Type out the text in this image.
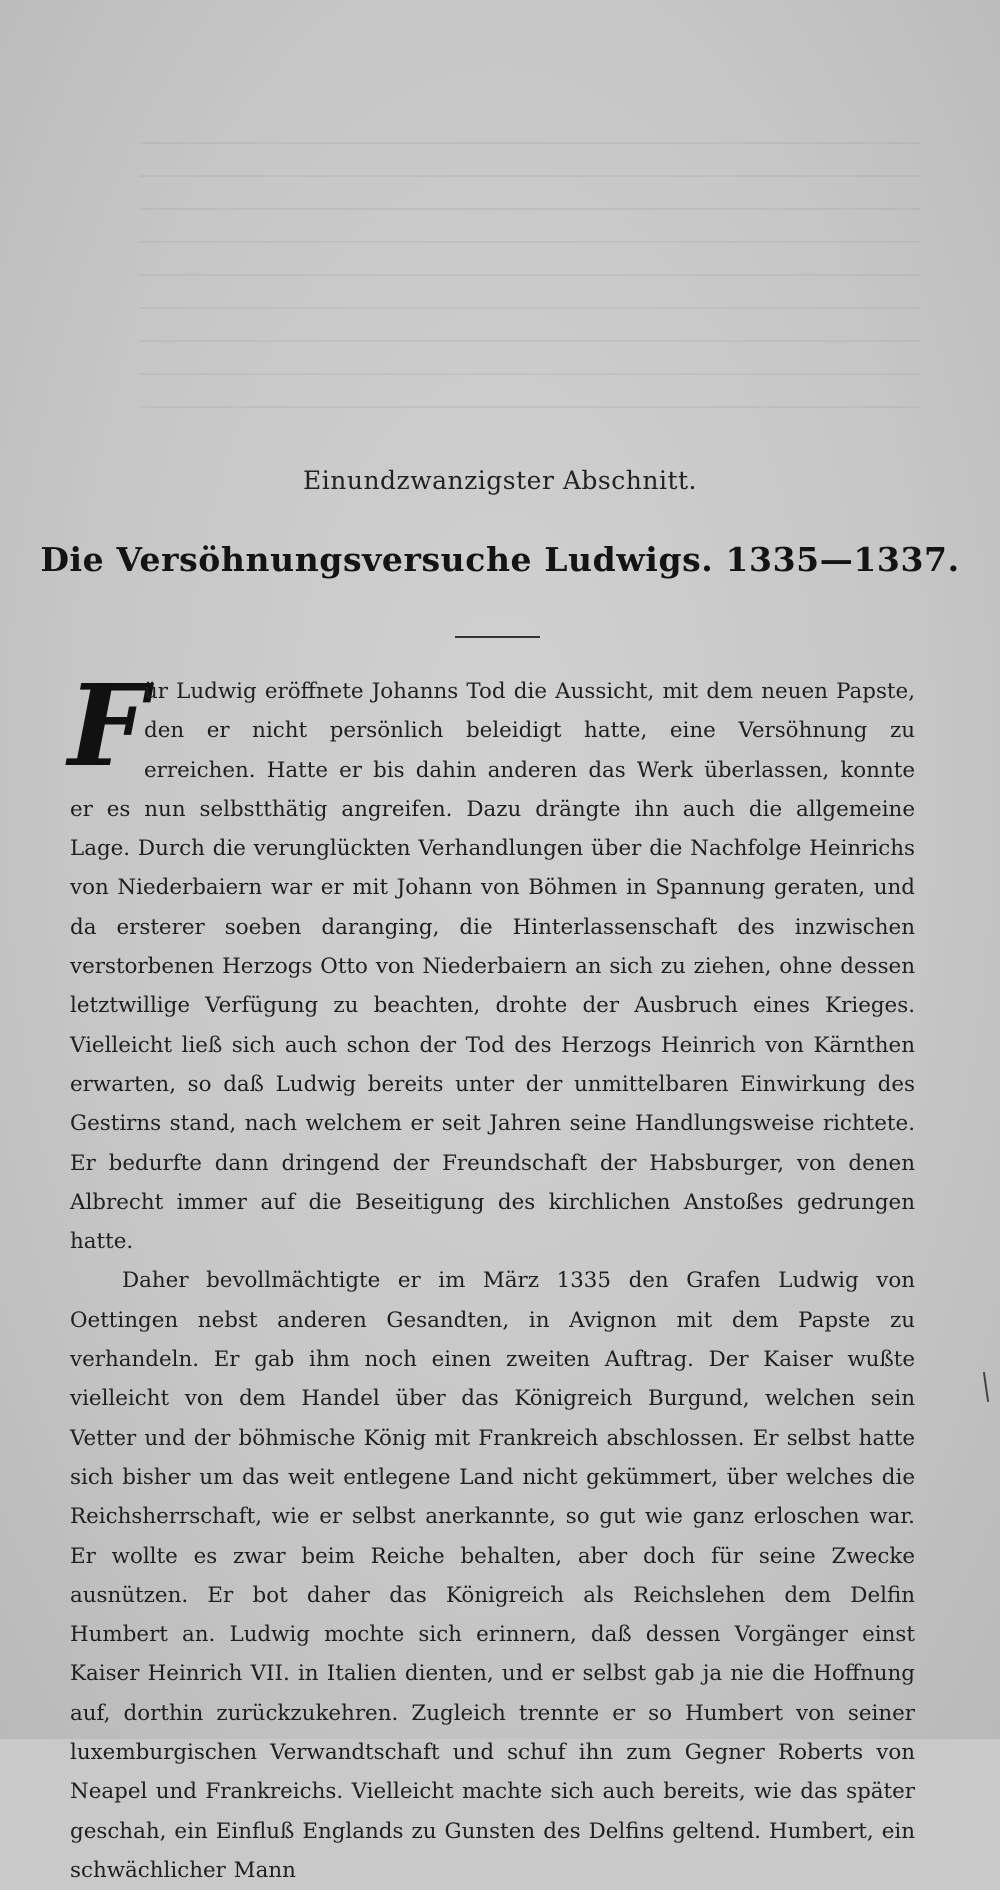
Einundzwanzigster Abschnitt.
Die Versöhnungsversuche Ludwigs. 1335—1337.

F
ür Ludwig eröffnete Johanns Tod die Aussicht, mit dem neuen Papste, den er nicht persönlich beleidigt hatte, eine Versöhnung zu erreichen. Hatte er bis dahin anderen das Werk überlassen, konnte er es nun selbstthätig angreifen. Dazu drängte ihn auch die allgemeine Lage. Durch die verunglückten Verhandlungen über die Nachfolge Heinrichs von Niederbaiern war er mit Johann von Böhmen in Spannung geraten, und da ersterer soeben daranging, die Hinterlassenschaft des inzwischen verstorbenen Herzogs Otto von Niederbaiern an sich zu ziehen, ohne dessen letztwillige Verfügung zu beachten, drohte der Ausbruch eines Krieges. Vielleicht ließ sich auch schon der Tod des Herzogs Heinrich von Kärnthen erwarten, so daß Ludwig bereits unter der unmittelbaren Einwirkung des Gestirns stand, nach welchem er seit Jahren seine Handlungsweise richtete. Er bedurfte dann dringend der Freundschaft der Habsburger, von denen Albrecht immer auf die Beseitigung des kirchlichen Anstoßes gedrungen hatte.

Daher bevollmächtigte er im März 1335 den Grafen Ludwig von Oettingen nebst anderen Gesandten, in Avignon mit dem Papste zu verhandeln. Er gab ihm noch einen zweiten Auftrag. Der Kaiser wußte vielleicht von dem Handel über das Königreich Burgund, welchen sein Vetter und der böhmische König mit Frankreich abschlossen. Er selbst hatte sich bisher um das weit entlegene Land nicht gekümmert, über welches die Reichsherrschaft, wie er selbst anerkannte, so gut wie ganz erloschen war. Er wollte es zwar beim Reiche behalten, aber doch für seine Zwecke ausnützen. Er bot daher das Königreich als Reichslehen dem Delfin Humbert an. Ludwig mochte sich erinnern, daß dessen Vorgänger einst Kaiser Heinrich VII. in Italien dienten, und er selbst gab ja nie die Hoffnung auf, dorthin zurückzukehren. Zugleich trennte er so Humbert von seiner luxemburgischen Verwandtschaft und schuf ihn zum Gegner Roberts von Neapel und Frankreichs. Vielleicht machte sich auch bereits, wie das später geschah, ein Einfluß Englands zu Gunsten des Delfins geltend. Humbert, ein schwächlicher Mann
